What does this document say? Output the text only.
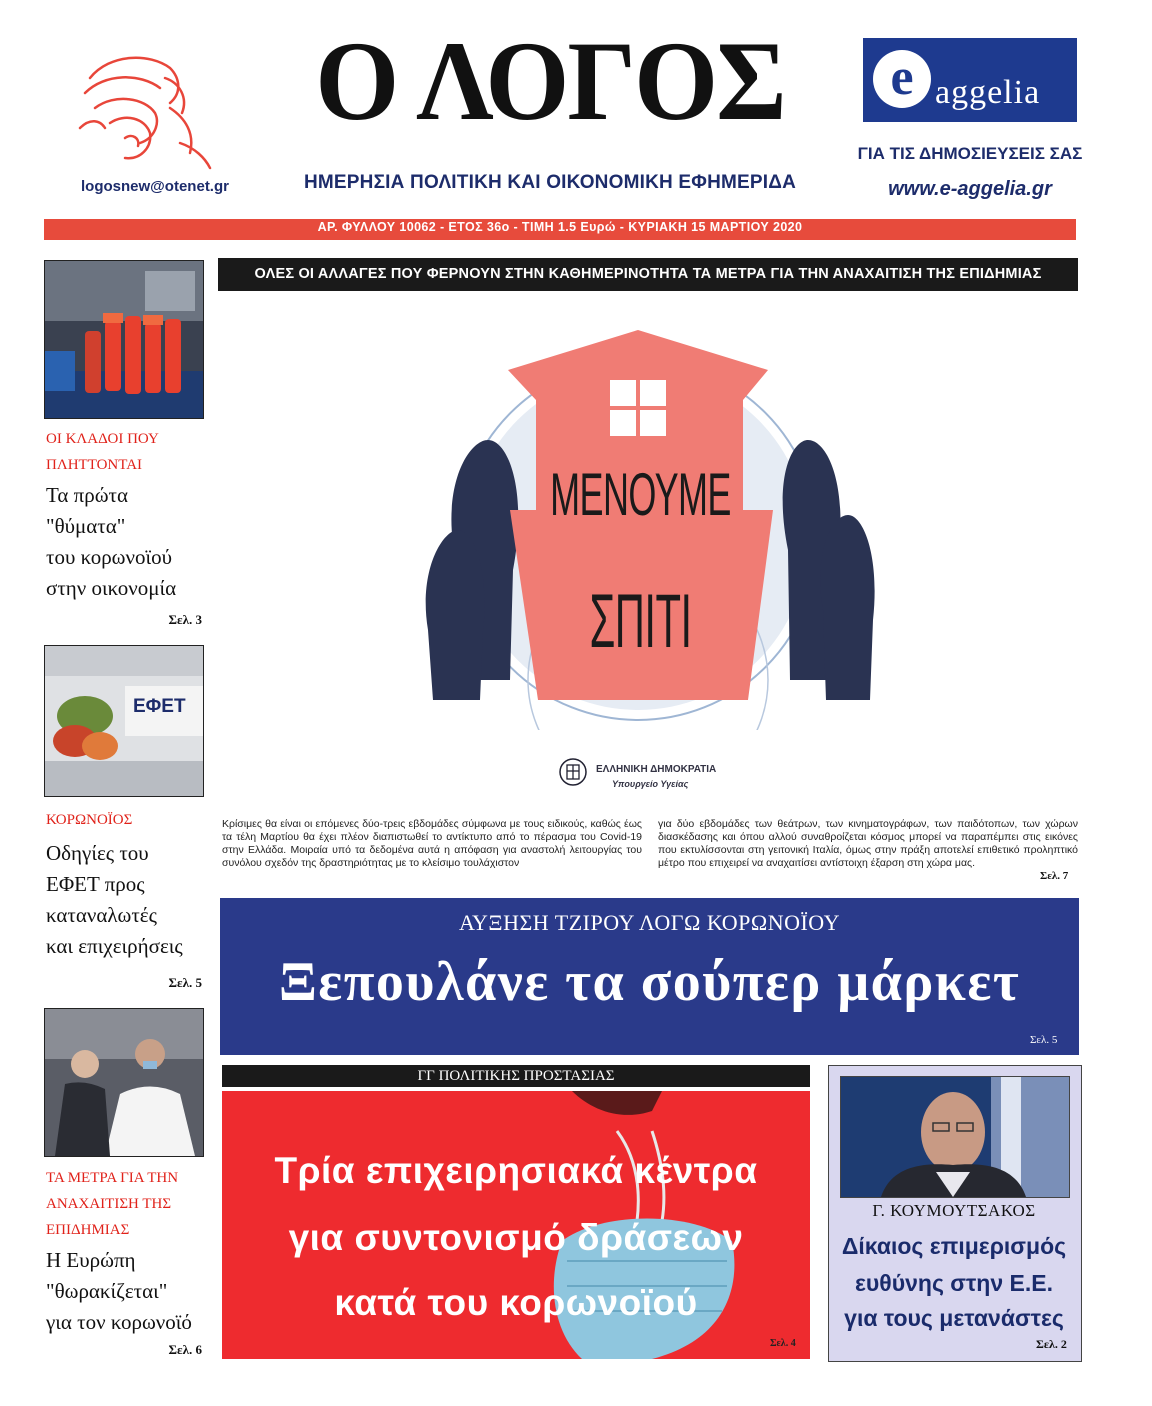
logosnew@otenet.gr
Ο ΛΟΓΟΣ
ΗΜΕΡΗΣΙΑ ΠΟΛΙΤΙΚΗ ΚΑΙ ΟΙΚΟΝΟΜΙΚΗ ΕΦΗΜΕΡΙΔΑ
e aggelia
ΓΙΑ ΤΙΣ ΔΗΜΟΣΙΕΥΣΕΙΣ ΣΑΣ
www.e-aggelia.gr
ΑΡ. ΦΥΛΛΟΥ 10062 - ΕΤΟΣ 36ο - ΤΙΜΗ 1.5 Ευρώ - ΚΥΡΙΑΚΗ 15 ΜΑΡΤΙΟΥ 2020
ΟΙ ΚΛΑΔΟΙ ΠΟΥ
ΠΛΗΤΤΟΝΤΑΙ
Τα πρώτα
"θύματα"
του κορωνοϊού
στην οικονομία
Σελ. 3
ΕΦΕΤ
ΚΟΡΩΝΟΪΟΣ
Οδηγίες του
ΕΦΕΤ προς
καταναλωτές
και επιχειρήσεις
Σελ. 5
ΤΑ ΜΕΤΡΑ ΓΙΑ ΤΗΝ
ΑΝΑΧΑΙΤΙΣΗ ΤΗΣ
ΕΠΙΔΗΜΙΑΣ
Η Ευρώπη
"θωρακίζεται"
για τον κορωνοϊό
Σελ. 6
ΟΛΕΣ ΟΙ ΑΛΛΑΓΕΣ ΠΟΥ ΦΕΡΝΟΥΝ ΣΤΗΝ ΚΑΘΗΜΕΡΙΝΟΤΗΤΑ ΤΑ ΜΕΤΡΑ ΓΙΑ ΤΗΝ ΑΝΑΧΑΙΤΙΣΗ ΤΗΣ ΕΠΙΔΗΜΙΑΣ
ΜΕΝΟΥΜΕ
ΣΠΙΤΙ
ΕΛΛΗΝΙΚΗ ΔΗΜΟΚΡΑΤΙΑ
Υπουργείο Υγείας
Κρίσιμες θα είναι οι επόμενες δύο-τρεις εβδομάδες σύμφωνα με τους ειδικούς, καθώς έως τα τέλη Μαρτίου θα έχει πλέον διαπιστωθεί το αντίκτυπο από το πέρασμα του Covid-19 στην Ελλάδα. Μοιραία υπό τα δεδομένα αυτά η απόφαση για αναστολή λειτουργίας του συνόλου σχεδόν της δραστηριότητας με το κλείσιμο τουλάχιστον
για δύο εβδομάδες των θεάτρων, των κινηματογράφων, των παιδότοπων, των χώρων διασκέδασης και όπου αλλού συναθροίζεται κόσμος μπορεί να παραπέμπει στις εικόνες που εκτυλίσσονται στη γειτονική Ιταλία, όμως στην πράξη αποτελεί επιθετικό προληπτικό μέτρο που επιχειρεί να αναχαιτίσει αντίστοιχη έξαρση στη χώρα μας.
Σελ. 7
ΑΥΞΗΣΗ ΤΖΙΡΟΥ ΛΟΓΩ ΚΟΡΩΝΟΪΟΥ
Ξεπουλάνε τα σούπερ μάρκετ
Σελ. 5
ΓΓ ΠΟΛΙΤΙΚΗΣ ΠΡΟΣΤΑΣΙΑΣ
Τρία επιχειρησιακά κέντρα
για συντονισμό δράσεων
κατά του κορωνοϊού
Σελ. 4
Γ. ΚΟΥΜΟΥΤΣΑΚΟΣ
Δίκαιος επιμερισμός
ευθύνης στην Ε.Ε.
για τους μετανάστες
Σελ. 2
